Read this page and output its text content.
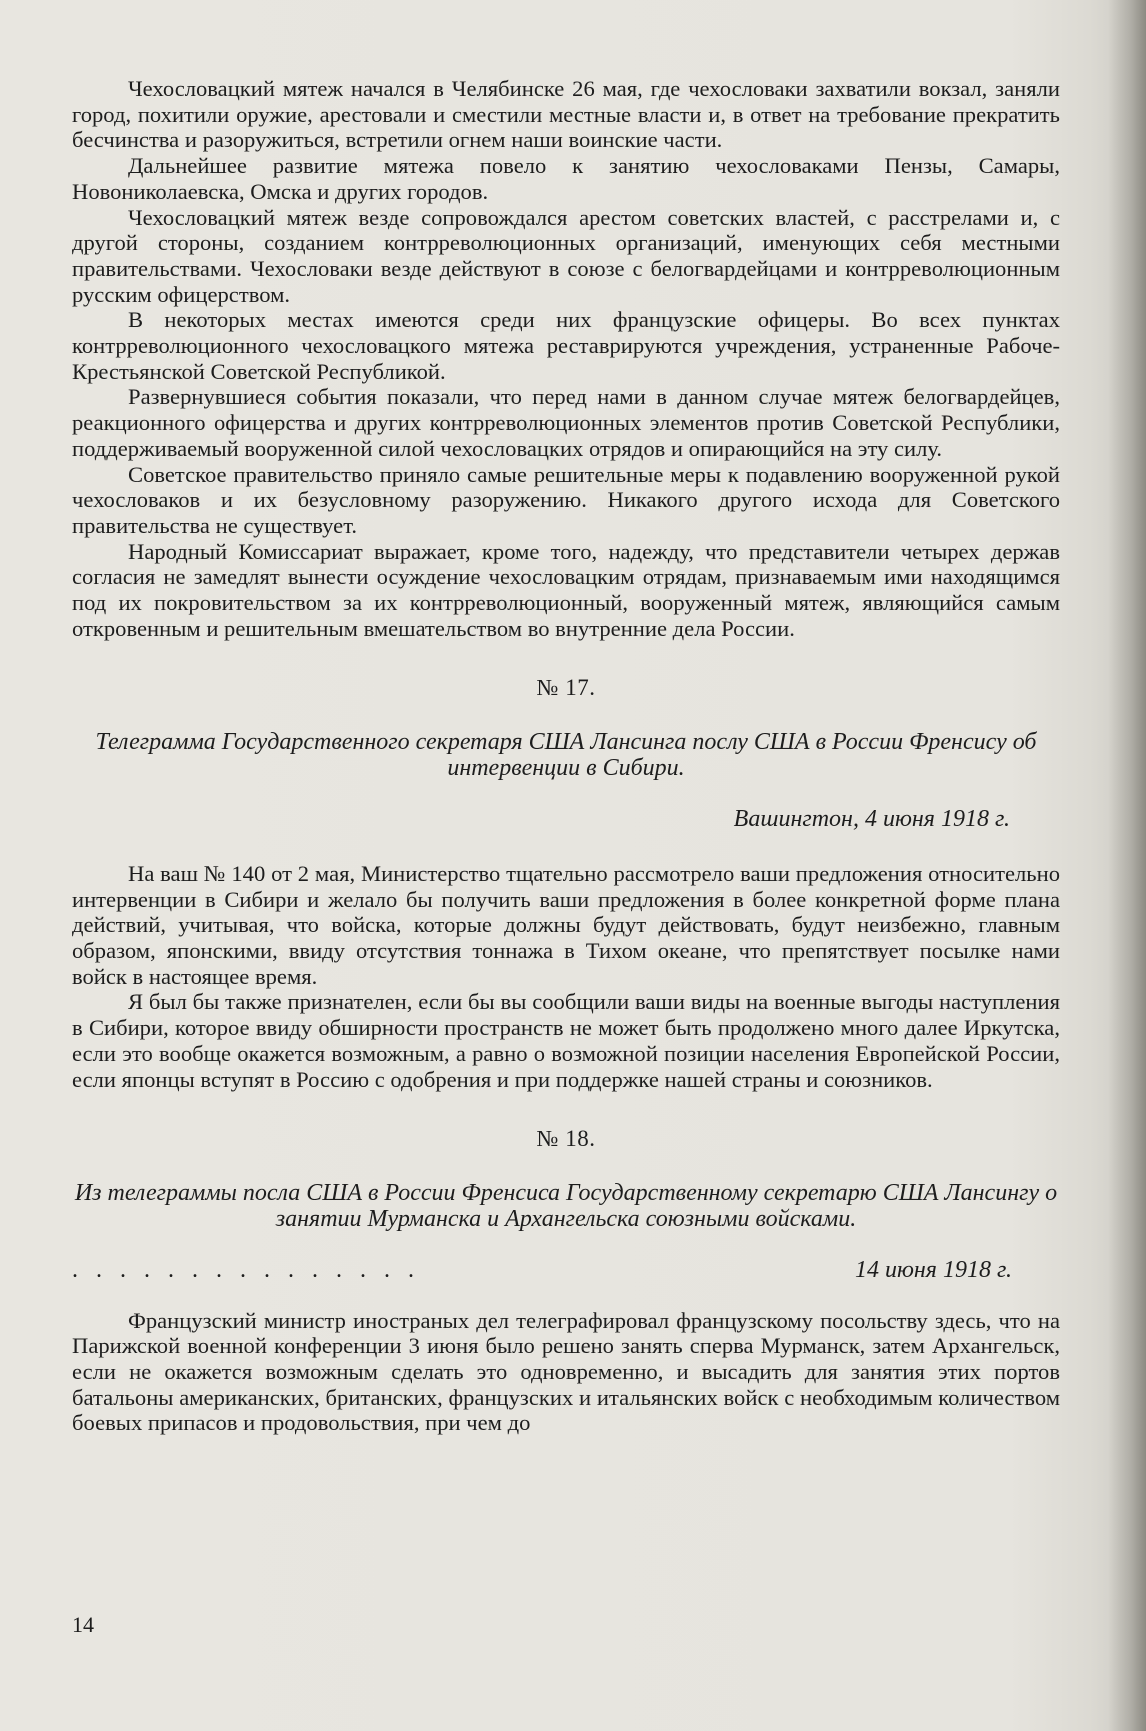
Чехословацкий мятеж начался в Челябинске 26 мая, где чехословаки захватили вокзал, заняли город, похитили оружие, арестовали и сместили местные власти и, в ответ на требование прекратить бесчинства и разоружиться, встретили огнем наши воинские части.

Дальнейшее развитие мятежа повело к занятию чехословаками Пензы, Самары, Новониколаевска, Омска и других городов.

Чехословацкий мятеж везде сопровождался арестом советских властей, с расстрелами и, с другой стороны, созданием контрреволюционных организаций, именующих себя местными правительствами. Чехословаки везде действуют в союзе с белогвардейцами и контрреволюционным русским офицерством.

В некоторых местах имеются среди них французские офицеры. Во всех пунктах контрреволюционного чехословацкого мятежа реставрируются учреждения, устраненные Рабоче-Крестьянской Советской Республикой.

Развернувшиеся события показали, что перед нами в данном случае мятеж белогвардейцев, реакционного офицерства и других контрреволюционных элементов против Советской Республики, поддерживаемый вооруженной силой чехословацких отрядов и опирающийся на эту силу.

Советское правительство приняло самые решительные меры к подавлению вооруженной рукой чехословаков и их безусловному разоружению. Никакого другого исхода для Советского правительства не существует.

Народный Комиссариат выражает, кроме того, надежду, что представители четырех держав согласия не замедлят вынести осуждение чехословацким отрядам, признаваемым ими находящимся под их покровительством за их контрреволюционный, вооруженный мятеж, являющийся самым откровенным и решительным вмешательством во внутренние дела России.

№ 17.
Телеграмма Государственного секретаря США Лансинга послу США в России Френсису об интервенции в Сибири.
Вашингтон, 4 июня 1918 г.

На ваш № 140 от 2 мая, Министерство тщательно рассмотрело ваши предложения относительно интервенции в Сибири и желало бы получить ваши предложения в более конкретной форме плана действий, учитывая, что войска, которые должны будут действовать, будут неизбежно, главным образом, японскими, ввиду отсутствия тоннажа в Тихом океане, что препятствует посылке нами войск в настоящее время.

Я был бы также признателен, если бы вы сообщили ваши виды на военные выгоды наступления в Сибири, которое ввиду обширности пространств не может быть продолжено много далее Иркутска, если это вообще окажется возможным, а равно о возможной позиции населения Европейской России, если японцы вступят в Россию с одобрения и при поддержке нашей страны и союзников.

№ 18.
Из телеграммы посла США в России Френсиса Государственному секретарю США Лансингу о занятии Мурманска и Архангельска союзными войсками.
. . . . . . . . . . . . . . .	14 июня 1918 г.

Французский министр иностраных дел телеграфировал французскому посольству здесь, что на Парижской военной конференции 3 июня было решено занять сперва Мурманск, затем Архангельск, если не окажется возможным сделать это одновременно, и высадить для занятия этих портов батальоны американских, британских, французских и итальянских войск с необходимым количеством боевых припасов и продовольствия, при чем до

14
